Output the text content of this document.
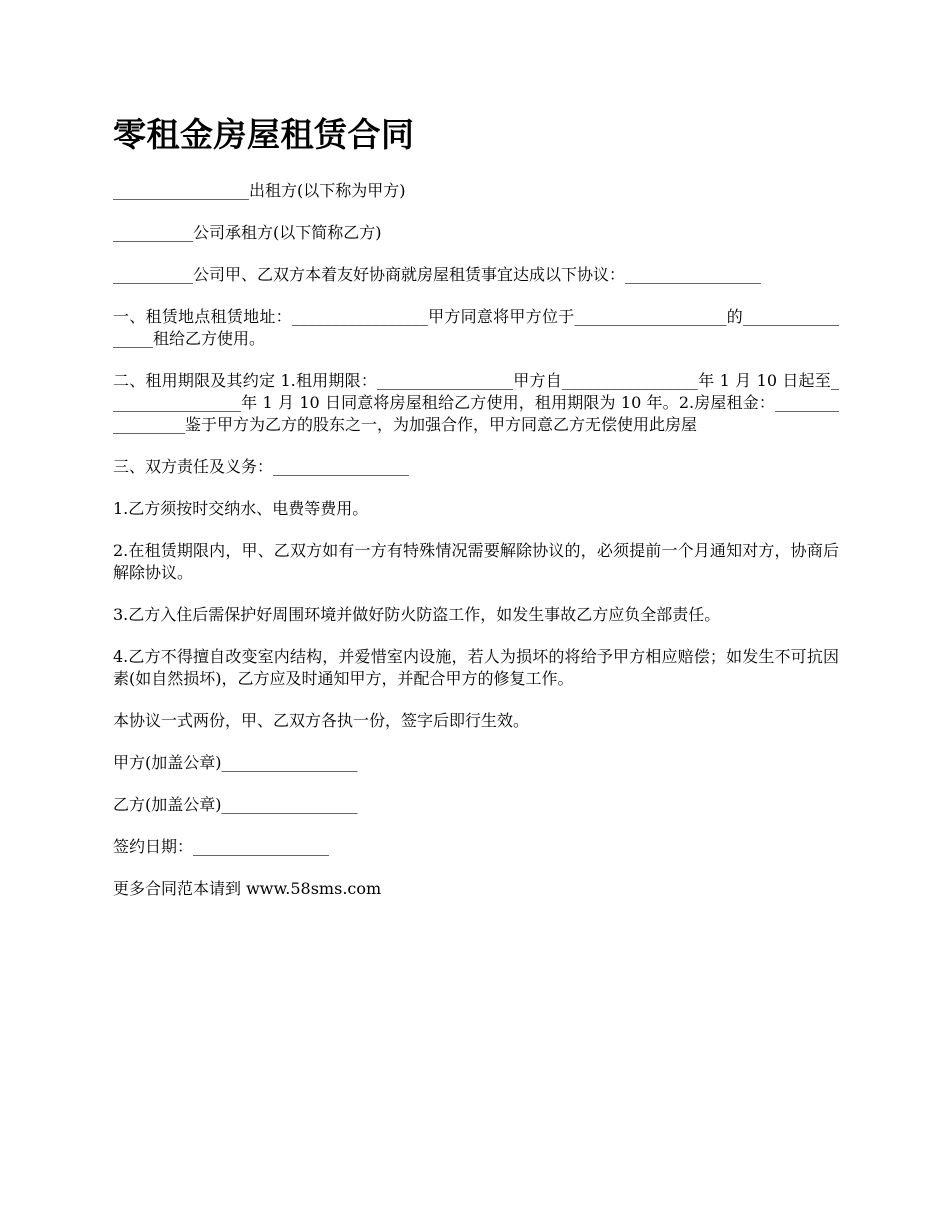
零租金房屋租赁合同

_________________出租方(以下称为甲方)

__________公司承租方(以下简称乙方)

__________公司甲、乙双方本着友好协商就房屋租赁事宜达成以下协议：_________________

一、租赁地点租赁地址：_________________甲方同意将甲方位于___________________的_________________租给乙方使用。

二、租用期限及其约定 1.租用期限：_________________甲方自_________________年 1 月 10 日起至_________________年 1 月 10 日同意将房屋租给乙方使用，租用期限为 10 年。2.房屋租金：_________________鉴于甲方为乙方的股东之一，为加强合作，甲方同意乙方无偿使用此房屋

三、双方责任及义务：_________________

1.乙方须按时交纳水、电费等费用。

2.在租赁期限内，甲、乙双方如有一方有特殊情况需要解除协议的，必须提前一个月通知对方，协商后解除协议。

3.乙方入住后需保护好周围环境并做好防火防盗工作，如发生事故乙方应负全部责任。

4.乙方不得擅自改变室内结构，并爱惜室内设施，若人为损坏的将给予甲方相应赔偿；如发生不可抗因素(如自然损坏)，乙方应及时通知甲方，并配合甲方的修复工作。

本协议一式两份，甲、乙双方各执一份，签字后即行生效。

甲方(加盖公章)_________________

乙方(加盖公章)_________________

签约日期：_________________

更多合同范本请到 www.58sms.com
